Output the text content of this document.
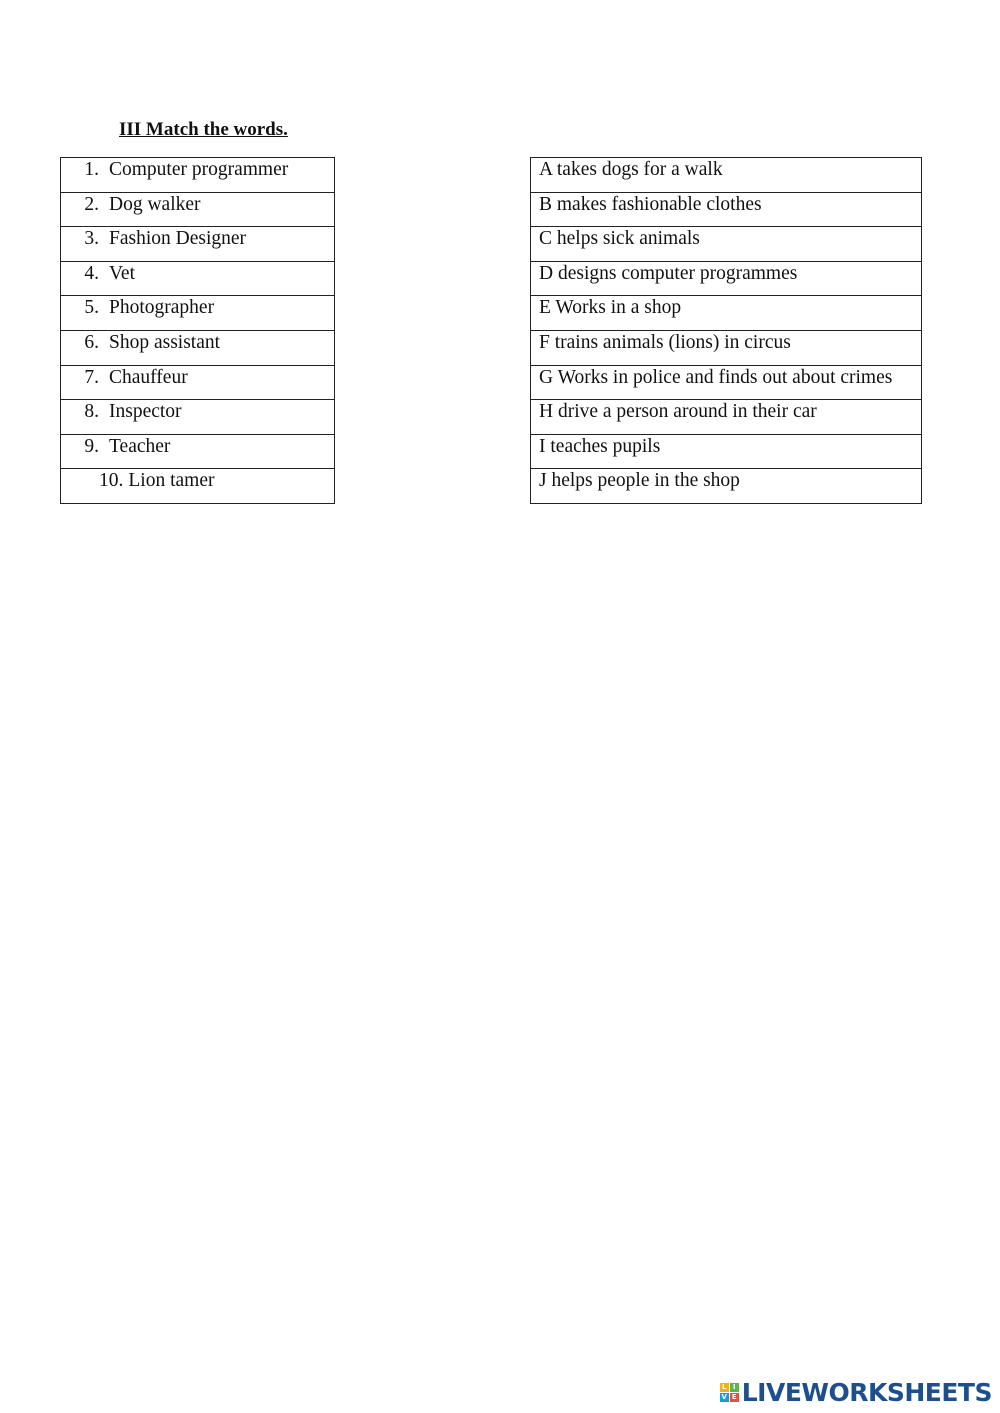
III Match the words.
1. Computer programmer

2. Dog walker

3. Fashion Designer

4. Vet

5. Photographer

6. Shop assistant

7. Chauffeur

8. Inspector

9. Teacher

10. Lion tamer
A takes dogs for a walk

B makes fashionable clothes

C helps sick animals

D designs computer programmes

E Works in a shop

F trains animals (lions) in circus

G Works in police and finds out about crimes

H drive a person around in their car

I teaches pupils

J helps people in the shop
L I
V E LIVEWORKSHEETS
